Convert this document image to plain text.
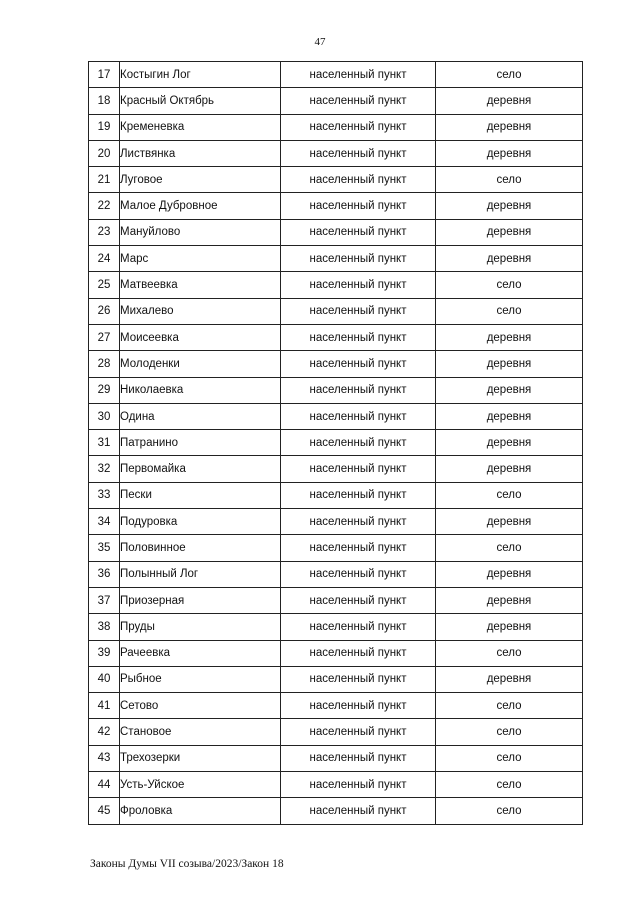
47
17	Костыгин Лог	населенный пункт	село
18	Красный Октябрь	населенный пункт	деревня
19	Кременевка	населенный пункт	деревня
20	Листвянка	населенный пункт	деревня
21	Луговое	населенный пункт	село
22	Малое Дубровное	населенный пункт	деревня
23	Мануйлово	населенный пункт	деревня
24	Марс	населенный пункт	деревня
25	Матвеевка	населенный пункт	село
26	Михалево	населенный пункт	село
27	Моисеевка	населенный пункт	деревня
28	Молоденки	населенный пункт	деревня
29	Николаевка	населенный пункт	деревня
30	Одина	населенный пункт	деревня
31	Патранино	населенный пункт	деревня
32	Первомайка	населенный пункт	деревня
33	Пески	населенный пункт	село
34	Подуровка	населенный пункт	деревня
35	Половинное	населенный пункт	село
36	Полынный Лог	населенный пункт	деревня
37	Приозерная	населенный пункт	деревня
38	Пруды	населенный пункт	деревня
39	Рачеевка	населенный пункт	село
40	Рыбное	населенный пункт	деревня
41	Сетово	населенный пункт	село
42	Становое	населенный пункт	село
43	Трехозерки	населенный пункт	село
44	Усть-Уйское	населенный пункт	село
45	Фроловка	населенный пункт	село
Законы Думы VII созыва/2023/Закон 18
